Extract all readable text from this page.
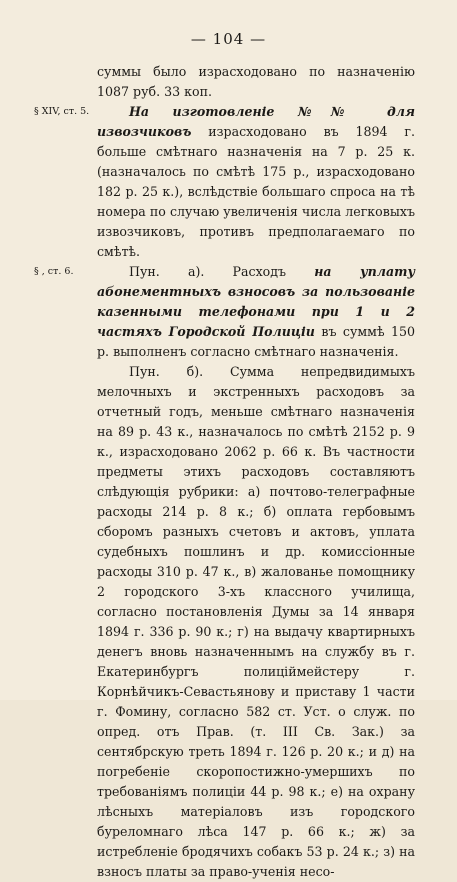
— 104 —

суммы было израсходовано по назначенію 1087 руб. 33 коп.

§ XIV, ст. 5.	На изготовленіе №№ для извозчиковъ израсходовано въ 1894 г. больше смѣтнаго назначенія на 7 р. 25 к. (назначалось по смѣтѣ 175 р., израсходовано 182 р. 25 к.), вслѣдствіе большаго спроса на тѣ номера по случаю увеличенія числа легковыхъ извозчиковъ, противъ предполагаемаго по смѣтѣ.

§ , ст. 6.	Пун. а). Расходъ на уплату абонементныхъ взносовъ за пользованіе казенными телефонами при 1 и 2 частяхъ Городской Полиціи въ суммѣ 150 р. выполненъ согласно смѣтнаго назначенія.

Пун. б). Сумма непредвидимыхъ мелочныхъ и экстренныхъ расходовъ за отчетный годъ, меньше смѣтнаго назначенія на 89 р. 43 к., назначалось по смѣтѣ 2152 р. 9 к., израсходовано 2062 р. 66 к. Въ частности предметы этихъ расходовъ составляютъ слѣдующія рубрики: а) почтово-телеграфные расходы 214 р. 8 к.; б) оплата гербовымъ сборомъ разныхъ счетовъ и актовъ, уплата судебныхъ пошлинъ и др. комиссіонные расходы 310 р. 47 к., в) жалованье помощнику 2 городского 3-хъ классного училища, согласно постановленія Думы за 14 января 1894 г. 336 р. 90 к.; г) на выдачу квартирныхъ денегъ вновь назначеннымъ на службу въ г. Екатеринбургъ полиціймейстеру г. Корнѣйчикъ-Севастьянову и приставу 1 части г. Фомину, согласно 582 ст. Уст. о служ. по опред. отъ Прав. (т. III Св. Зак.) за сентябрскую треть 1894 г. 126 р. 20 к.; и д) на погребеніе скоропостижно-умершихъ по требованіямъ полиціи 44 р. 98 к.; е) на охрану лѣсныхъ матеріаловъ изъ городского буреломнаго лѣса 147 р. 66 к.; ж) за истребленіе бродячихъ собакъ 53 р. 24 к.; з) на взносъ платы за право-ученія несо-
